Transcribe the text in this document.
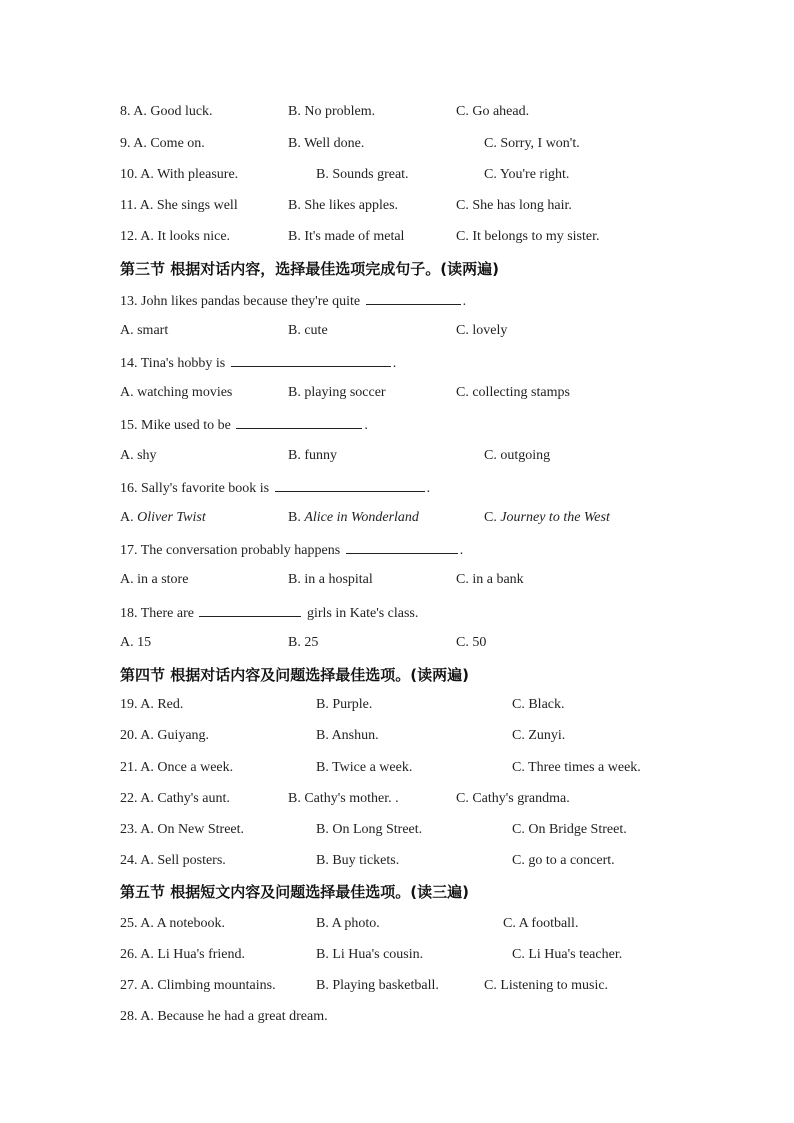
8. A. Good luck.	B. No problem.	C. Go ahead.
9. A. Come on.	B. Well done.	C. Sorry, I won't.
10. A. With pleasure.	B. Sounds great.	C. You're right.
11. A. She sings well	B. She likes apples.	C. She has long hair.
12. A. It looks nice.	B. It's made of metal	C. It belongs to my sister.
第三节 根据对话内容，选择最佳选项完成句子。(读两遍)
13. John likes pandas because they're quite	.
A. smart	B. cute	C. lovely
14. Tina's hobby is	.
A. watching movies	B. playing soccer	C. collecting stamps
15. Mike used to be	.
A. shy	B. funny	C. outgoing
16. Sally's favorite book is	.
A. Oliver Twist	B. Alice in Wonderland	C. Journey to the West
17. The conversation probably happens	.
A. in a store	B. in a hospital	C. in a bank
18. There are	girls in Kate's class.
A. 15	B. 25	C. 50
第四节 根据对话内容及问题选择最佳选项。(读两遍)
19. A. Red.	B. Purple.	C. Black.
20. A. Guiyang.	B. Anshun.	C. Zunyi.
21. A. Once a week.	B. Twice a week.	C. Three times a week.
22. A. Cathy's aunt.	B. Cathy's mother. .	C. Cathy's grandma.
23. A. On New Street.	B. On Long Street.	C. On Bridge Street.
24. A. Sell posters.	B. Buy tickets.	C. go to a concert.
第五节 根据短文内容及问题选择最佳选项。(读三遍)
25. A. A notebook.	B. A photo.	C. A football.
26. A. Li Hua's friend.	B. Li Hua's cousin.	C. Li Hua's teacher.
27. A. Climbing mountains.	B. Playing basketball.	C. Listening to music.
28. A. Because he had a great dream.
